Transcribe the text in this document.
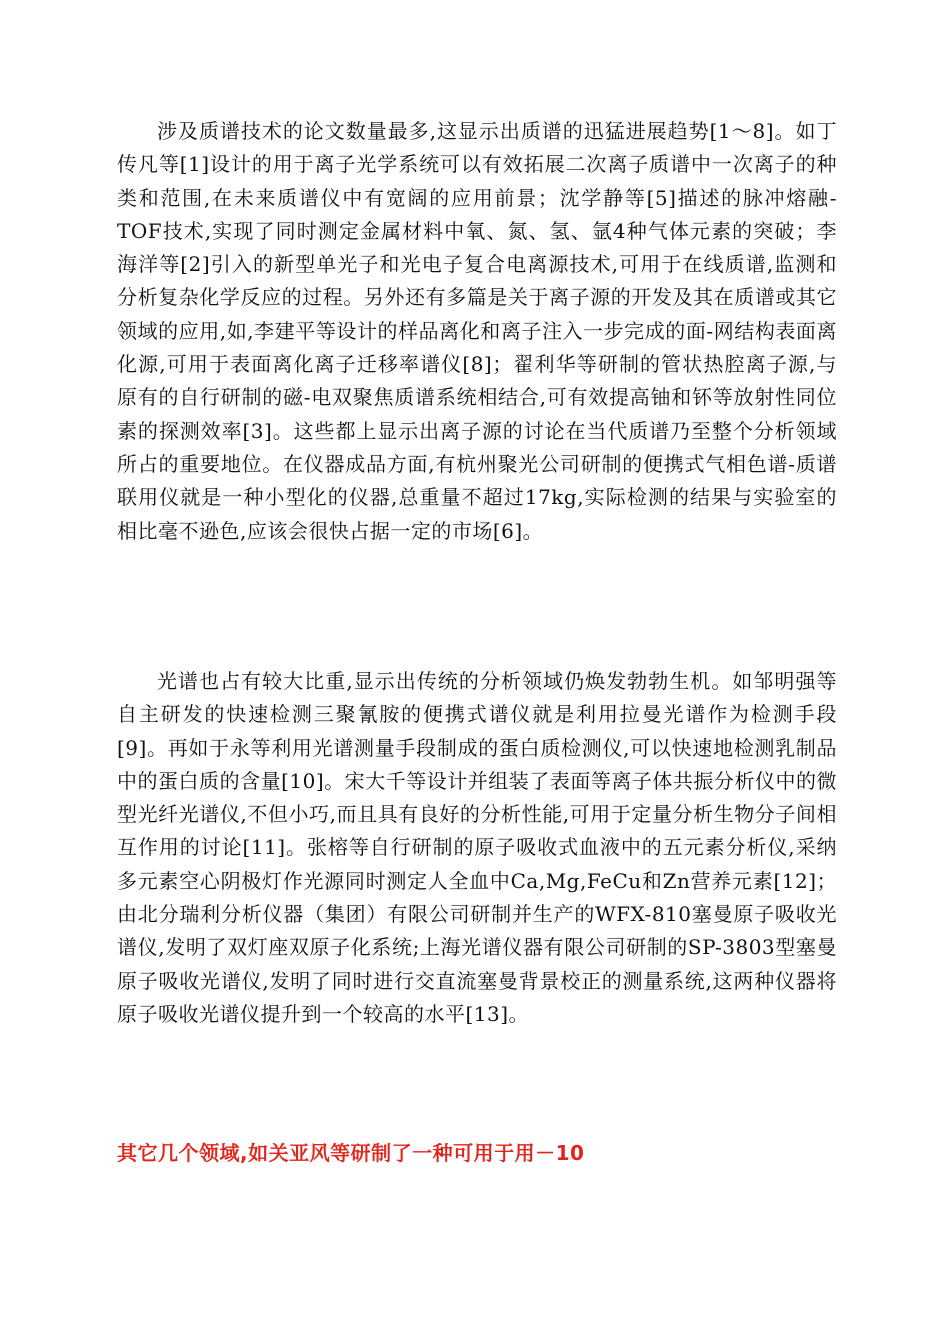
涉及质谱技术的论文数量最多,这显示出质谱的迅猛进展趋势[1～8]。如丁传凡等[1]设计的用于离子光学系统可以有效拓展二次离子质谱中一次离子的种类和范围,在未来质谱仪中有宽阔的应用前景；沈学静等[5]描述的脉冲熔融-TOF技术,实现了同时测定金属材料中氧、氮、氢、氩4种气体元素的突破；李海洋等[2]引入的新型单光子和光电子复合电离源技术,可用于在线质谱,监测和分析复杂化学反应的过程。另外还有多篇是关于离子源的开发及其在质谱或其它领域的应用,如,李建平等设计的样品离化和离子注入一步完成的面-网结构表面离化源,可用于表面离化离子迁移率谱仪[8]；翟利华等研制的管状热腔离子源,与原有的自行研制的磁-电双聚焦质谱系统相结合,可有效提高铀和钚等放射性同位素的探测效率[3]。这些都上显示出离子源的讨论在当代质谱乃至整个分析领域所占的重要地位。在仪器成品方面,有杭州聚光公司研制的便携式气相色谱-质谱联用仪就是一种小型化的仪器,总重量不超过17kg,实际检测的结果与实验室的相比毫不逊色,应该会很快占据一定的市场[6]。

光谱也占有较大比重,显示出传统的分析领域仍焕发勃勃生机。如邹明强等自主研发的快速检测三聚氰胺的便携式谱仪就是利用拉曼光谱作为检测手段[9]。再如于永等利用光谱测量手段制成的蛋白质检测仪,可以快速地检测乳制品中的蛋白质的含量[10]。宋大千等设计并组装了表面等离子体共振分析仪中的微型光纤光谱仪,不但小巧,而且具有良好的分析性能,可用于定量分析生物分子间相互作用的讨论[11]。张榕等自行研制的原子吸收式血液中的五元素分析仪,采纳多元素空心阴极灯作光源同时测定人全血中Ca,Mg,FeCu和Zn营养元素[12]；由北分瑞利分析仪器（集团）有限公司研制并生产的WFX-810塞曼原子吸收光谱仪,发明了双灯座双原子化系统;上海光谱仪器有限公司研制的SP-3803型塞曼原子吸收光谱仪,发明了同时进行交直流塞曼背景校正的测量系统,这两种仪器将原子吸收光谱仪提升到一个较高的水平[13]。

其它几个领域,如关亚风等研制了一种可用于用－10
